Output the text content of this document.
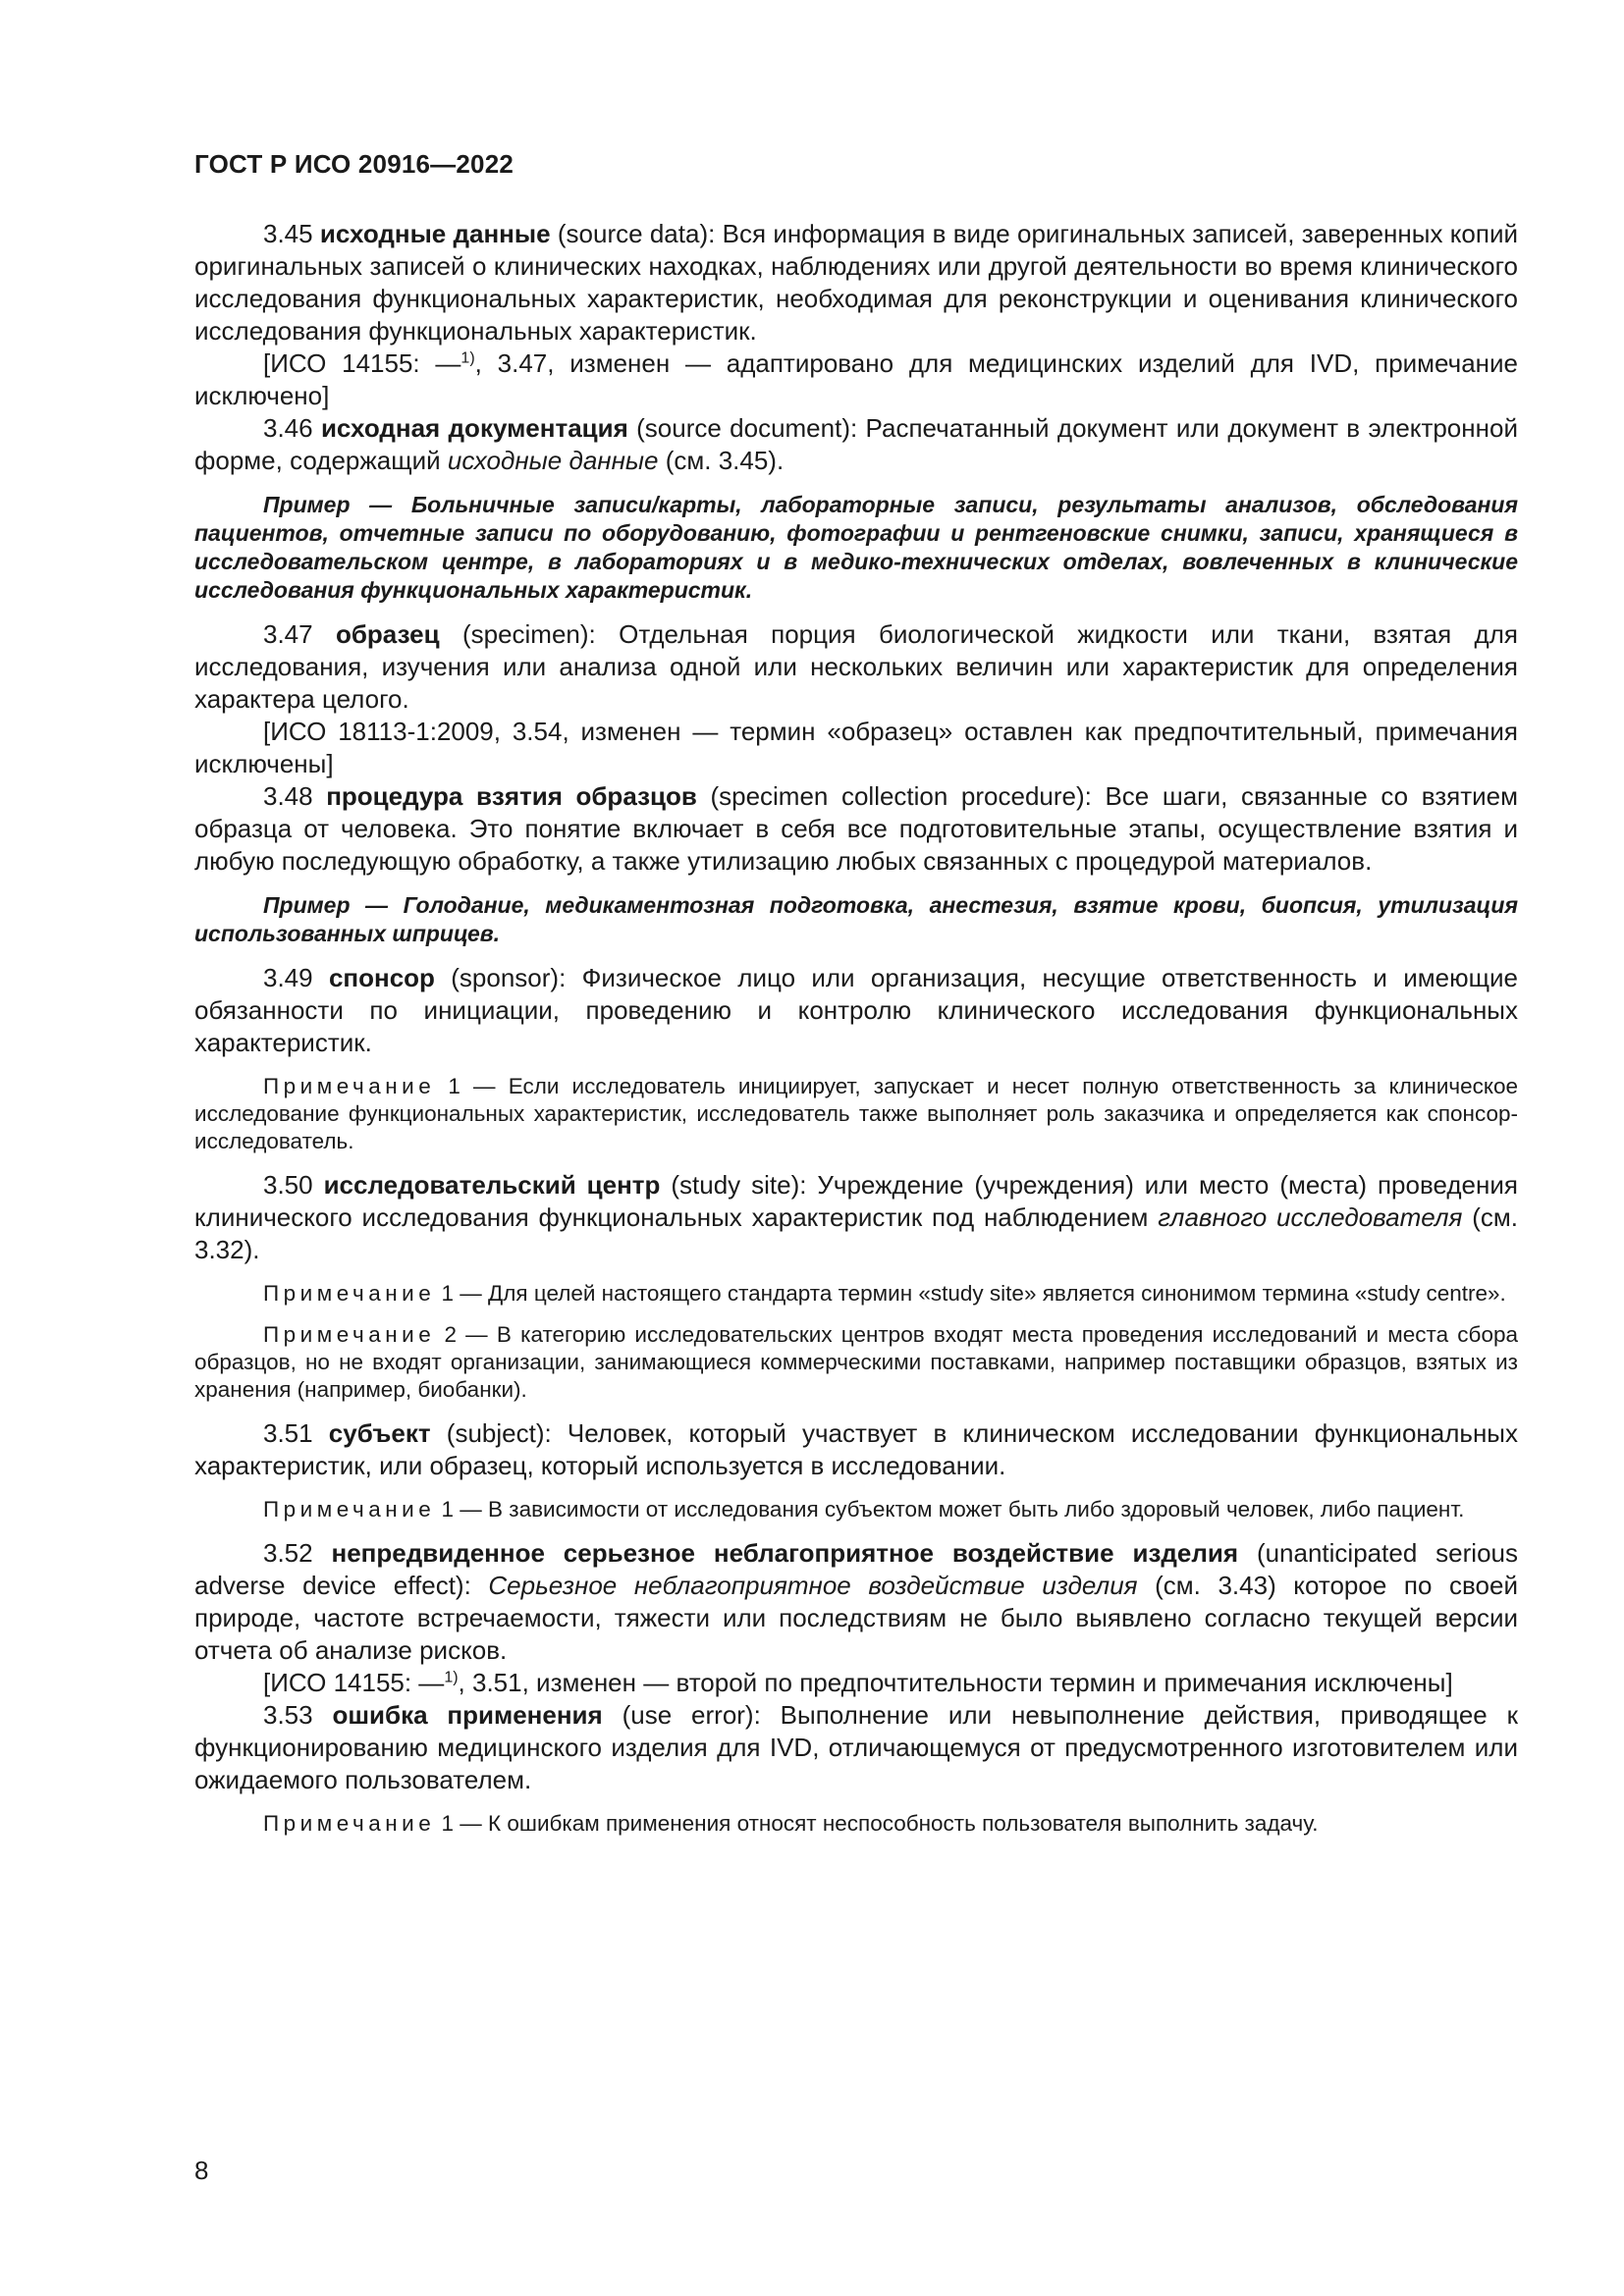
ГОСТ Р ИСО 20916—2022

3.45 исходные данные (source data): Вся информация в виде оригинальных записей, заверенных копий оригинальных записей о клинических находках, наблюдениях или другой деятельности во время клинического исследования функциональных характеристик, необходимая для реконструкции и оценивания клинического исследования функциональных характеристик.

[ИСО 14155: —$^{1)}$, 3.47, изменен — адаптировано для медицинских изделий для IVD, примечание исключено]

3.46 исходная документация (source document): Распечатанный документ или документ в электронной форме, содержащий исходные данные (см. 3.45).

Пример — Больничные записи/карты, лабораторные записи, результаты анализов, обследования пациентов, отчетные записи по оборудованию, фотографии и рентгеновские снимки, записи, хранящиеся в исследовательском центре, в лабораториях и в медико-технических отделах, вовлеченных в клинические исследования функциональных характеристик.

3.47 образец (specimen): Отдельная порция биологической жидкости или ткани, взятая для исследования, изучения или анализа одной или нескольких величин или характеристик для определения характера целого.

[ИСО 18113-1:2009, 3.54, изменен — термин «образец» оставлен как предпочтительный, примечания исключены]

3.48 процедура взятия образцов (specimen collection procedure): Все шаги, связанные со взятием образца от человека. Это понятие включает в себя все подготовительные этапы, осуществление взятия и любую последующую обработку, а также утилизацию любых связанных с процедурой материалов.

Пример — Голодание, медикаментозная подготовка, анестезия, взятие крови, биопсия, утилизация использованных шприцев.

3.49 спонсор (sponsor): Физическое лицо или организация, несущие ответственность и имеющие обязанности по инициации, проведению и контролю клинического исследования функциональных характеристик.

Примечание 1 — Если исследователь инициирует, запускает и несет полную ответственность за клиническое исследование функциональных характеристик, исследователь также выполняет роль заказчика и определяется как спонсор-исследователь.

3.50 исследовательский центр (study site): Учреждение (учреждения) или место (места) проведения клинического исследования функциональных характеристик под наблюдением главного исследователя (см. 3.32).

Примечание 1 — Для целей настоящего стандарта термин «study site» является синонимом термина «study centre».

Примечание 2 — В категорию исследовательских центров входят места проведения исследований и места сбора образцов, но не входят организации, занимающиеся коммерческими поставками, например поставщики образцов, взятых из хранения (например, биобанки).

3.51 субъект (subject): Человек, который участвует в клиническом исследовании функциональных характеристик, или образец, который используется в исследовании.

Примечание 1 — В зависимости от исследования субъектом может быть либо здоровый человек, либо пациент.

3.52 непредвиденное серьезное неблагоприятное воздействие изделия (unanticipated serious adverse device effect): Серьезное неблагоприятное воздействие изделия (см. 3.43) которое по своей природе, частоте встречаемости, тяжести или последствиям не было выявлено согласно текущей версии отчета об анализе рисков.

[ИСО 14155: —$^{1)}$, 3.51, изменен — второй по предпочтительности термин и примечания исключены]

3.53 ошибка применения (use error): Выполнение или невыполнение действия, приводящее к функционированию медицинского изделия для IVD, отличающемуся от предусмотренного изготовителем или ожидаемого пользователем.

Примечание 1 — К ошибкам применения относят неспособность пользователя выполнить задачу.

8
